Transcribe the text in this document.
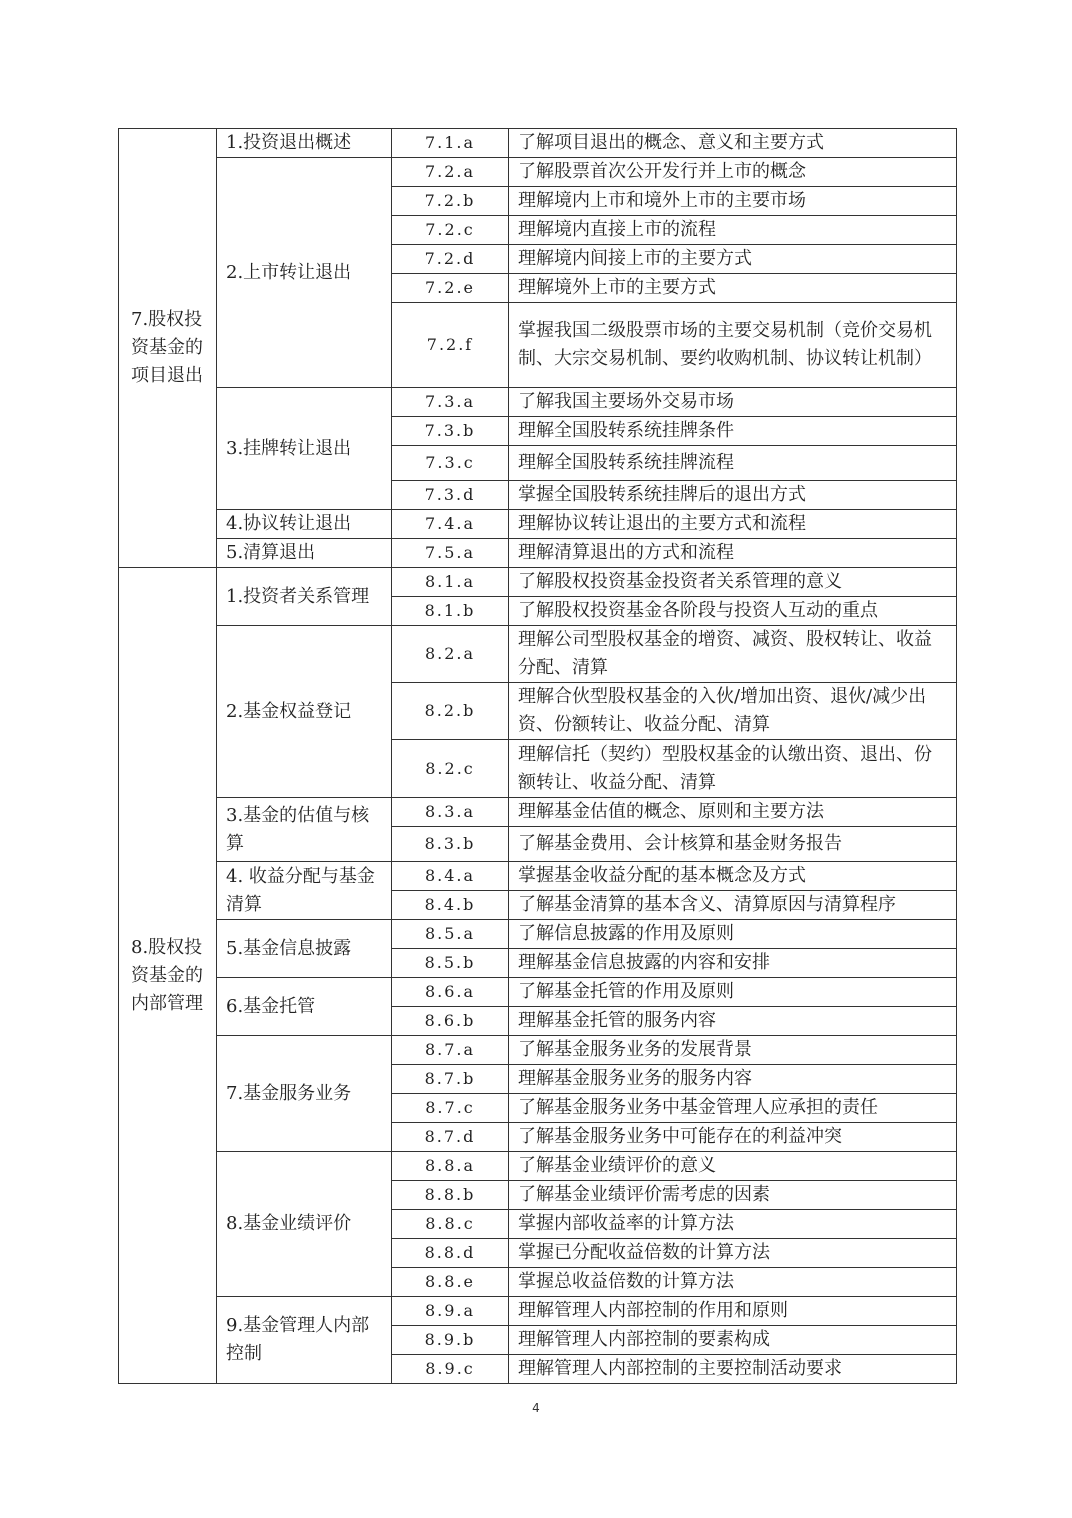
7.股权投资基金的项目退出	1.投资退出概述	7.1.a	了解项目退出的概念、意义和主要方式
	2.上市转让退出	7.2.a	了解股票首次公开发行并上市的概念
		7.2.b	理解境内上市和境外上市的主要市场
		7.2.c	理解境内直接上市的流程
		7.2.d	理解境内间接上市的主要方式
		7.2.e	理解境外上市的主要方式
		7.2.f	掌握我国二级股票市场的主要交易机制（竞价交易机制、大宗交易机制、要约收购机制、协议转让机制）
	3.挂牌转让退出	7.3.a	了解我国主要场外交易市场
		7.3.b	理解全国股转系统挂牌条件
		7.3.c	理解全国股转系统挂牌流程
		7.3.d	掌握全国股转系统挂牌后的退出方式
	4.协议转让退出	7.4.a	理解协议转让退出的主要方式和流程
	5.清算退出	7.5.a	理解清算退出的方式和流程
8.股权投资基金的内部管理	1.投资者关系管理	8.1.a	了解股权投资基金投资者关系管理的意义
		8.1.b	了解股权投资基金各阶段与投资人互动的重点
	2.基金权益登记	8.2.a	理解公司型股权基金的增资、减资、股权转让、收益分配、清算
		8.2.b	理解合伙型股权基金的入伙/增加出资、退伙/减少出资、份额转让、收益分配、清算
		8.2.c	理解信托（契约）型股权基金的认缴出资、退出、份额转让、收益分配、清算
	3.基金的估值与核算	8.3.a	理解基金估值的概念、原则和主要方法
		8.3.b	了解基金费用、会计核算和基金财务报告
	4. 收益分配与基金清算	8.4.a	掌握基金收益分配的基本概念及方式
		8.4.b	了解基金清算的基本含义、清算原因与清算程序
	5.基金信息披露	8.5.a	了解信息披露的作用及原则
		8.5.b	理解基金信息披露的内容和安排
	6.基金托管	8.6.a	了解基金托管的作用及原则
		8.6.b	理解基金托管的服务内容
	7.基金服务业务	8.7.a	了解基金服务业务的发展背景
		8.7.b	理解基金服务业务的服务内容
		8.7.c	了解基金服务业务中基金管理人应承担的责任
		8.7.d	了解基金服务业务中可能存在的利益冲突
	8.基金业绩评价	8.8.a	了解基金业绩评价的意义
		8.8.b	了解基金业绩评价需考虑的因素
		8.8.c	掌握内部收益率的计算方法
		8.8.d	掌握已分配收益倍数的计算方法
		8.8.e	掌握总收益倍数的计算方法
	9.基金管理人内部控制	8.9.a	理解管理人内部控制的作用和原则
		8.9.b	理解管理人内部控制的要素构成
		8.9.c	理解管理人内部控制的主要控制活动要求
4
